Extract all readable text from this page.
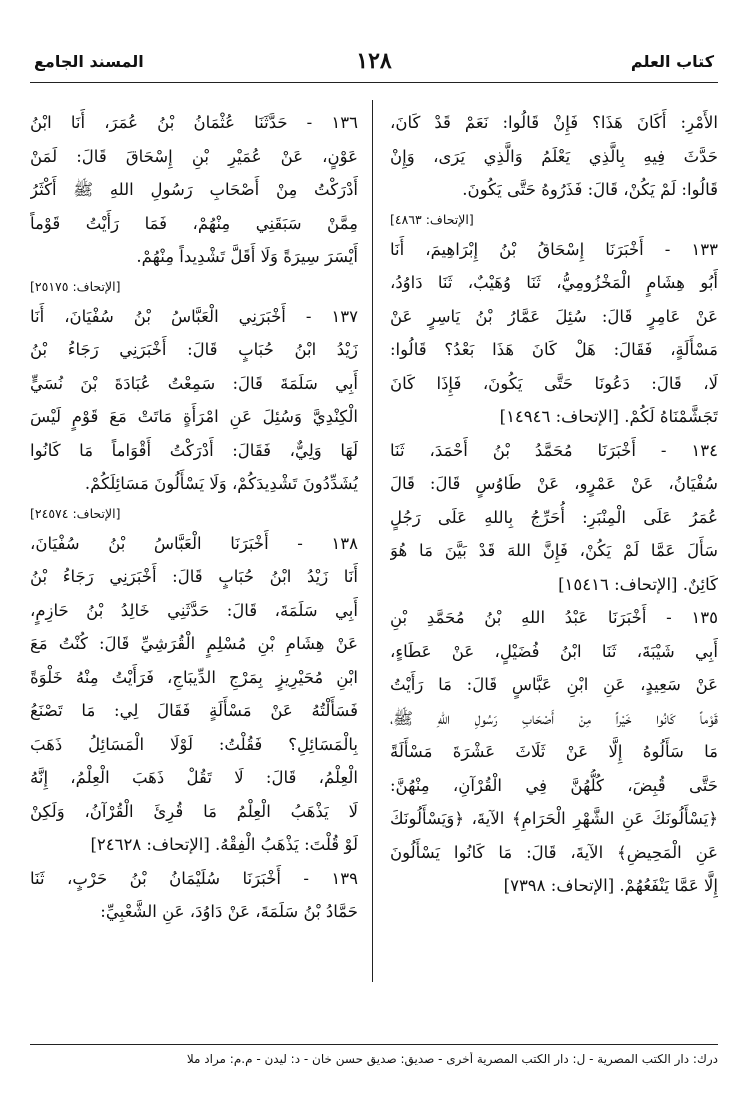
كتاب العلم
١٢٨
المسند الجامع
الأَمْرِ: أَكَانَ هَذَا؟ فَإِنْ قَالُوا: نَعَمْ قَدْ كَانَ،
حَدَّثَ فِيهِ بِالَّذِي يَعْلَمُ وَالَّذِي يَرَى، وَإِنْ
قَالُوا: لَمْ يَكُنْ، قَالَ: فَذَرُوهُ حَتَّى يَكُونَ.
[الإتحاف: ٤٨٦٣]
١٣٣ - أَخْبَرَنَا إِسْحَاقُ بْنُ إِبْرَاهِيمَ، أَنَا
أَبُو هِشَامٍ الْمَخْزُومِيُّ، ثَنَا وُهَيْبٌ، ثَنَا دَاوُدُ،
عَنْ عَامِرٍ قَالَ: سُئِلَ عَمَّارُ بْنُ يَاسِرٍ عَنْ
مَسْأَلَةٍ، فَقَالَ: هَلْ كَانَ هَذَا بَعْدُ؟ قَالُوا:
لَا، قَالَ: دَعُونَا حَتَّى يَكُونَ، فَإِذَا كَانَ
تَجَشَّمْنَاهُ لَكُمْ. [الإتحاف: ١٤٩٤٦]
١٣٤ - أَخْبَرَنَا مُحَمَّدُ بْنُ أَحْمَدَ، ثَنَا
سُفْيَانُ، عَنْ عَمْرٍو، عَنْ طَاوُسٍ قَالَ: قَالَ
عُمَرُ عَلَى الْمِنْبَرِ: أُحَرِّجُ بِاللهِ عَلَى رَجُلٍ
سَأَلَ عَمَّا لَمْ يَكُنْ، فَإِنَّ اللهَ قَدْ بَيَّنَ مَا هُوَ
كَائِنٌ. [الإتحاف: ١٥٤١٦]
١٣٥ - أَخْبَرَنَا عَبْدُ اللهِ بْنُ مُحَمَّدِ بْنِ
أَبِي شَيْبَةَ، ثَنَا ابْنُ فُضَيْلٍ، عَنْ عَطَاءٍ،
عَنْ سَعِيدٍ، عَنِ ابْنِ عَبَّاسٍ قَالَ: مَا رَأَيْتُ
قَوْماً كَانُوا خَيْراً مِنْ أَصْحَابِ رَسُولِ اللهِ ﷺ،
مَا سَأَلُوهُ إِلَّا عَنْ ثَلَاثَ عَشْرَةَ مَسْأَلَةً
حَتَّى قُبِضَ، كُلُّهُنَّ فِي الْقُرْآنِ، مِنْهُنَّ:
﴿يَسْأَلُونَكَ عَنِ الشَّهْرِ الْحَرَامِ﴾ الآيةَ، ﴿وَيَسْأَلُونَكَ
عَنِ الْمَحِيضِ﴾ الآيةَ، قَالَ: مَا كَانُوا يَسْأَلُونَ
إِلَّا عَمَّا يَنْفَعُهُمْ. [الإتحاف: ٧٣٩٨]
١٣٦ - حَدَّثَنَا عُثْمَانُ بْنُ عُمَرَ، أَنَا ابْنُ
عَوْنٍ، عَنْ عُمَيْرِ بْنِ إِسْحَاقَ قَالَ: لَمَنْ
أَدْرَكْتُ مِنْ أَصْحَابِ رَسُولِ اللهِ ﷺ أَكْثَرُ
مِمَّنْ سَبَقَنِي مِنْهُمْ، فَمَا رَأَيْتُ قَوْماً
أَيْسَرَ سِيرَةً وَلَا أَقَلَّ تَشْدِيداً مِنْهُمْ.
[الإتحاف: ٢٥١٧٥]
١٣٧ - أَخْبَرَنِي الْعَبَّاسُ بْنُ سُفْيَانَ، أَنَا
زَيْدُ ابْنُ حُبَابٍ قَالَ: أَخْبَرَنِي رَجَاءُ بْنُ
أَبِي سَلَمَةَ قَالَ: سَمِعْتُ عُبَادَةَ بْنَ نُسَيٍّ
الْكِنْدِيَّ وَسُئِلَ عَنِ امْرَأَةٍ مَاتَتْ مَعَ قَوْمٍ لَيْسَ
لَهَا وَلِيٌّ، فَقَالَ: أَدْرَكْتُ أَقْوَاماً مَا كَانُوا
يُشَدِّدُونَ تَشْدِيدَكُمْ، وَلَا يَسْأَلُونَ مَسَائِلَكُمْ.
[الإتحاف: ٢٤٥٧٤]
١٣٨ - أَخْبَرَنَا الْعَبَّاسُ بْنُ سُفْيَانَ،
أَنَا زَيْدُ ابْنُ حُبَابٍ قَالَ: أَخْبَرَنِي رَجَاءُ بْنُ
أَبِي سَلَمَةَ، قَالَ: حَدَّثَنِي خَالِدُ بْنُ حَازِمٍ،
عَنْ هِشَامِ بْنِ مُسْلِمٍ الْقُرَشِيِّ قَالَ: كُنْتُ مَعَ
ابْنِ مُحَيْرِيزٍ بِمَرْجِ الدِّيبَاجِ، فَرَأَيْتُ مِنْهُ خَلْوَةً
فَسَأَلْتُهُ عَنْ مَسْأَلَةٍ فَقَالَ لِي: مَا تَصْنَعُ
بِالْمَسَائِلِ؟ فَقُلْتُ: لَوْلَا الْمَسَائِلُ ذَهَبَ
الْعِلْمُ، قَالَ: لَا تَقُلْ ذَهَبَ الْعِلْمُ، إِنَّهُ
لَا يَذْهَبُ الْعِلْمُ مَا قُرِئَ الْقُرْآنُ، وَلَكِنْ
لَوْ قُلْتَ: يَذْهَبُ الْفِقْهُ. [الإتحاف: ٢٤٦٢٨]
١٣٩ - أَخْبَرَنَا سُلَيْمَانُ بْنُ حَرْبٍ، ثَنَا
حَمَّادُ بْنُ سَلَمَةَ، عَنْ دَاوُدَ، عَنِ الشَّعْبِيِّ:
درك: دار الكتب المصرية - ل: دار الكتب المصرية أخرى - صديق: صديق حسن خان - د: ليدن - م.م: مراد ملا
